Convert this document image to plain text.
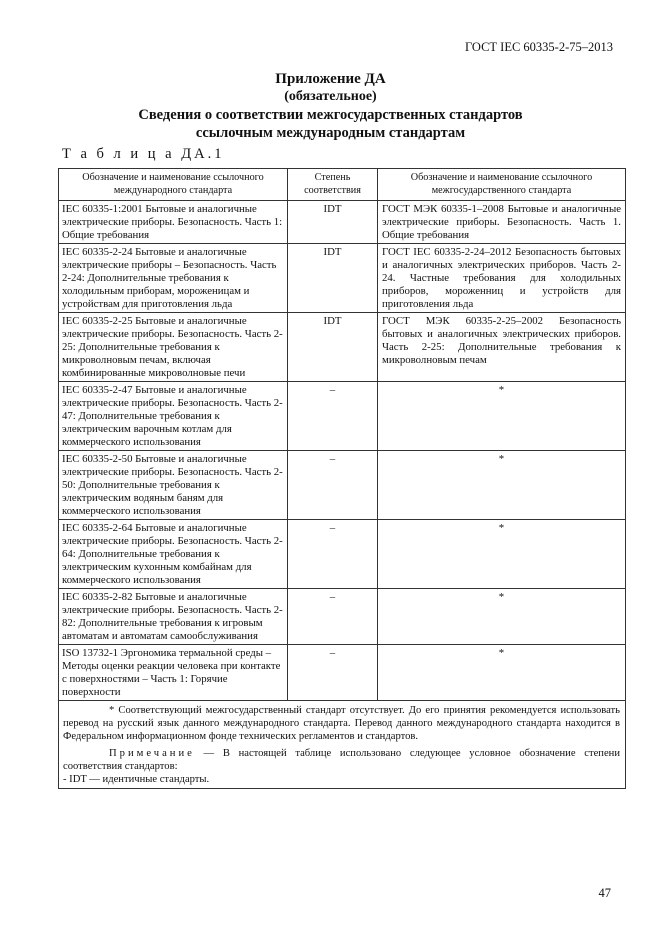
ГОСТ IEC 60335-2-75–2013
Приложение ДА
(обязательное)
Сведения о соответствии межгосударственных стандартов
ссылочным международным стандартам
Т а б л и ц а ДА.1
Обозначение и наименование ссылочного международного стандарта	Степень соответствия	Обозначение и наименование ссылочного межгосударственного стандарта
IEC 60335-1:2001 Бытовые и аналогичные электрические приборы. Безопасность. Часть 1: Общие требования	IDT	ГОСТ МЭК 60335-1–2008 Бытовые и аналогичные электрические приборы. Безопасность. Часть 1. Общие требования
IEC 60335-2-24 Бытовые и аналогичные электрические приборы – Безопасность. Часть 2-24: Дополнительные требования к холодильным приборам, мороженицам и устройствам для приготовления льда	IDT	ГОСТ IEC 60335-2-24–2012 Безопасность бытовых и аналогичных электрических приборов. Часть 2-24. Частные требования для холодильных приборов, мороженниц и устройств для приготовления льда
IEC 60335-2-25 Бытовые и аналогичные электрические приборы. Безопасность. Часть 2-25: Дополнительные требования к микроволновым печам, включая комбинированные микроволновые печи	IDT	ГОСТ МЭК 60335-2-25–2002 Безопасность бытовых и аналогичных электрических приборов. Часть 2-25: Дополнительные требования к микроволновым печам
IEC 60335-2-47 Бытовые и аналогичные электрические приборы. Безопасность. Часть 2-47: Дополнительные требования к электрическим варочным котлам для коммерческого использования	–	*
IEC 60335-2-50 Бытовые и аналогичные электрические приборы. Безопасность. Часть 2-50: Дополнительные требования к электрическим водяным баням для коммерческого использования	–	*
IEC 60335-2-64 Бытовые и аналогичные электрические приборы. Безопасность. Часть 2-64: Дополнительные требования к электрическим кухонным комбайнам для коммерческого использования	–	*
IEC 60335-2-82 Бытовые и аналогичные электрические приборы. Безопасность. Часть 2-82: Дополнительные требования к игровым автоматам и автоматам самообслуживания	–	*
ISO 13732-1 Эргономика термальной среды – Методы оценки реакции человека при контакте с поверхностями – Часть 1: Горячие поверхности	–	*

* Соответствующий межгосударственный стандарт отсутствует. До его принятия рекомендуется использовать перевод на русский язык данного международного стандарта. Перевод данного международного стандарта находится в Федеральном информационном фонде технических регламентов и стандартов.
Примечание — В настоящей таблице использовано следующее условное обозначение степени соответствия стандартов:
- IDT — идентичные стандарты.		
47
